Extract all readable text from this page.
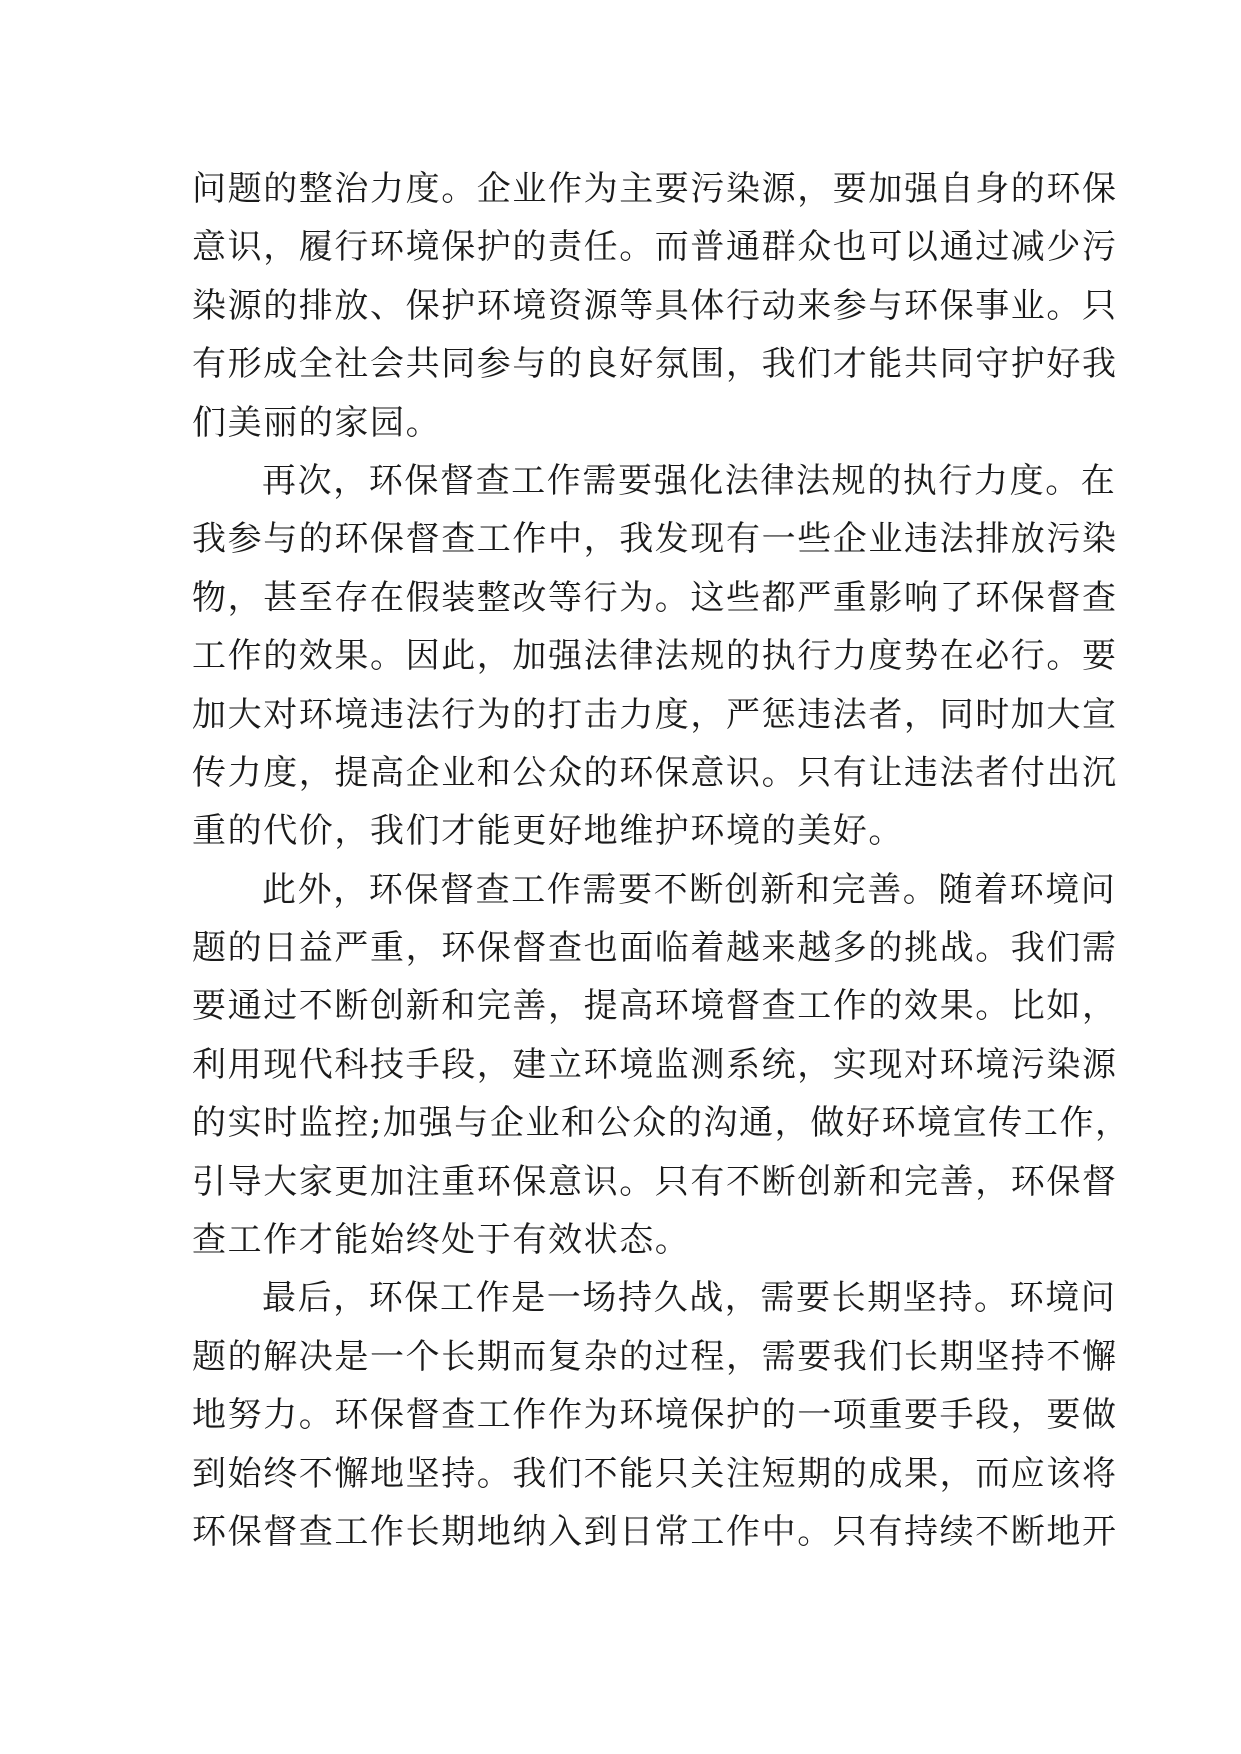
问题的整治力度。企业作为主要污染源，要加强自身的环保
意识，履行环境保护的责任。而普通群众也可以通过减少污
染源的排放、保护环境资源等具体行动来参与环保事业。只
有形成全社会共同参与的良好氛围，我们才能共同守护好我
们美丽的家园。
再次，环保督查工作需要强化法律法规的执行力度。在
我参与的环保督查工作中，我发现有一些企业违法排放污染
物，甚至存在假装整改等行为。这些都严重影响了环保督查
工作的效果。因此，加强法律法规的执行力度势在必行。要
加大对环境违法行为的打击力度，严惩违法者，同时加大宣
传力度，提高企业和公众的环保意识。只有让违法者付出沉
重的代价，我们才能更好地维护环境的美好。
此外，环保督查工作需要不断创新和完善。随着环境问
题的日益严重，环保督查也面临着越来越多的挑战。我们需
要通过不断创新和完善，提高环境督查工作的效果。比如，
利用现代科技手段，建立环境监测系统，实现对环境污染源
的实时监控;加强与企业和公众的沟通，做好环境宣传工作，
引导大家更加注重环保意识。只有不断创新和完善，环保督
查工作才能始终处于有效状态。
最后，环保工作是一场持久战，需要长期坚持。环境问
题的解决是一个长期而复杂的过程，需要我们长期坚持不懈
地努力。环保督查工作作为环境保护的一项重要手段，要做
到始终不懈地坚持。我们不能只关注短期的成果，而应该将
环保督查工作长期地纳入到日常工作中。只有持续不断地开
